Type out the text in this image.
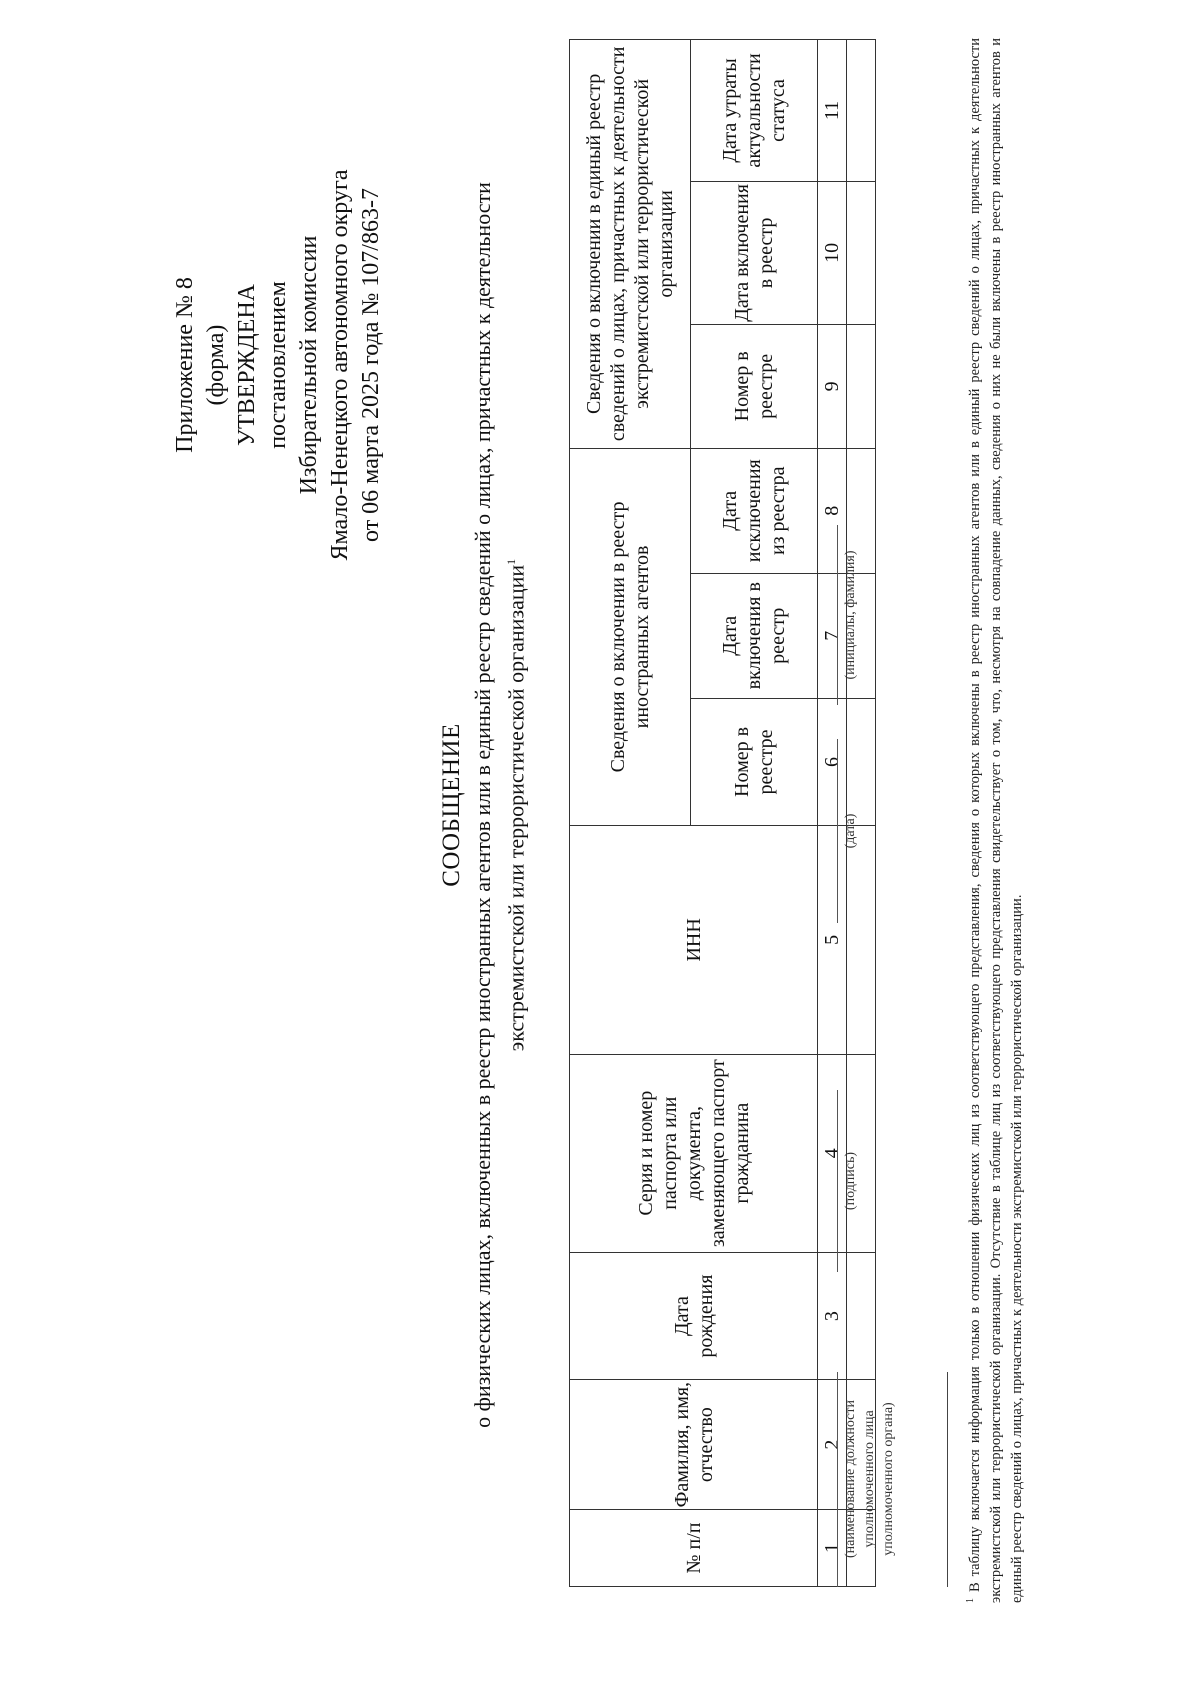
Приложение № 8 (форма) УТВЕРЖДЕНА постановлением Избирательной комиссии Ямало-Ненецкого автономного округа от 06 марта 2025 года № 107/863-7
СООБЩЕНИЕ о физических лицах, включенных в реестр иностранных агентов или в единый реестр сведений о лицах, причастных к деятельности экстремистской или террористической организации$^1$
№ п/п	Фамилия, имя, отчество	Дата рождения	Серия и номер паспорта или документа, заменяющего паспорт гражданина	ИНН	Сведения о включении в реестр иностранных агентов			Сведения о включении в единый реестр сведений о лицах, причастных к деятельности экстремистской или террористической организации		
					Номер в реестре	Дата включения в реестр	Дата исключения из реестра	Номер в реестре	Дата включения в реестр	Дата утраты актуальности статуса
1	2	3	4	5	6	7	8	9	10	11

(наименование должности уполномоченного лица уполномоченного органа)
(подпись)
(дата)
(инициалы, фамилия)
$^1$ В таблицу включается информация только в отношении физических лиц из соответствующего представления, сведения о которых включены в реестр иностранных агентов или в единый реестр сведений о лицах, причастных к деятельности экстремистской или террористической организации. Отсутствие в таблице лиц из соответствующего представления свидетельствует о том, что, несмотря на совпадение данных, сведения о них не были включены в реестр иностранных агентов и единый реестр сведений о лицах, причастных к деятельности экстремистской или террористической организации.
